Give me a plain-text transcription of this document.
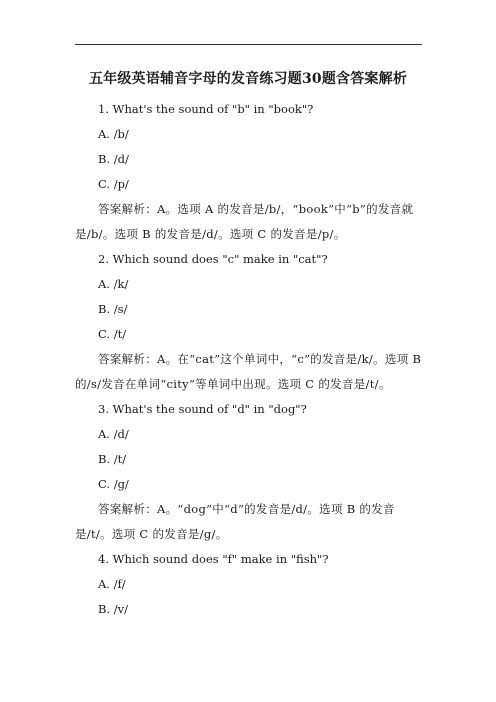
五年级英语辅音字母的发音练习题30题含答案解析
1. What's the sound of "b" in "book"?
A. /b/
B. /d/
C. /p/
答案解析：A。选项 A 的发音是/b/，“book”中“b”的发音就是/b/。选项 B 的发音是/d/。选项 C 的发音是/p/。
2. Which sound does "c" make in "cat"?
A. /k/
B. /s/
C. /t/
答案解析：A。在“cat”这个单词中，“c”的发音是/k/。选项 B 的/s/发音在单词“city”等单词中出现。选项 C 的发音是/t/。
3. What's the sound of "d" in "dog"?
A. /d/
B. /t/
C. /g/
答案解析：A。“dog”中“d”的发音是/d/。选项 B 的发音是/t/。选项 C 的发音是/g/。
4. Which sound does "f" make in "fish"?
A. /f/
B. /v/
